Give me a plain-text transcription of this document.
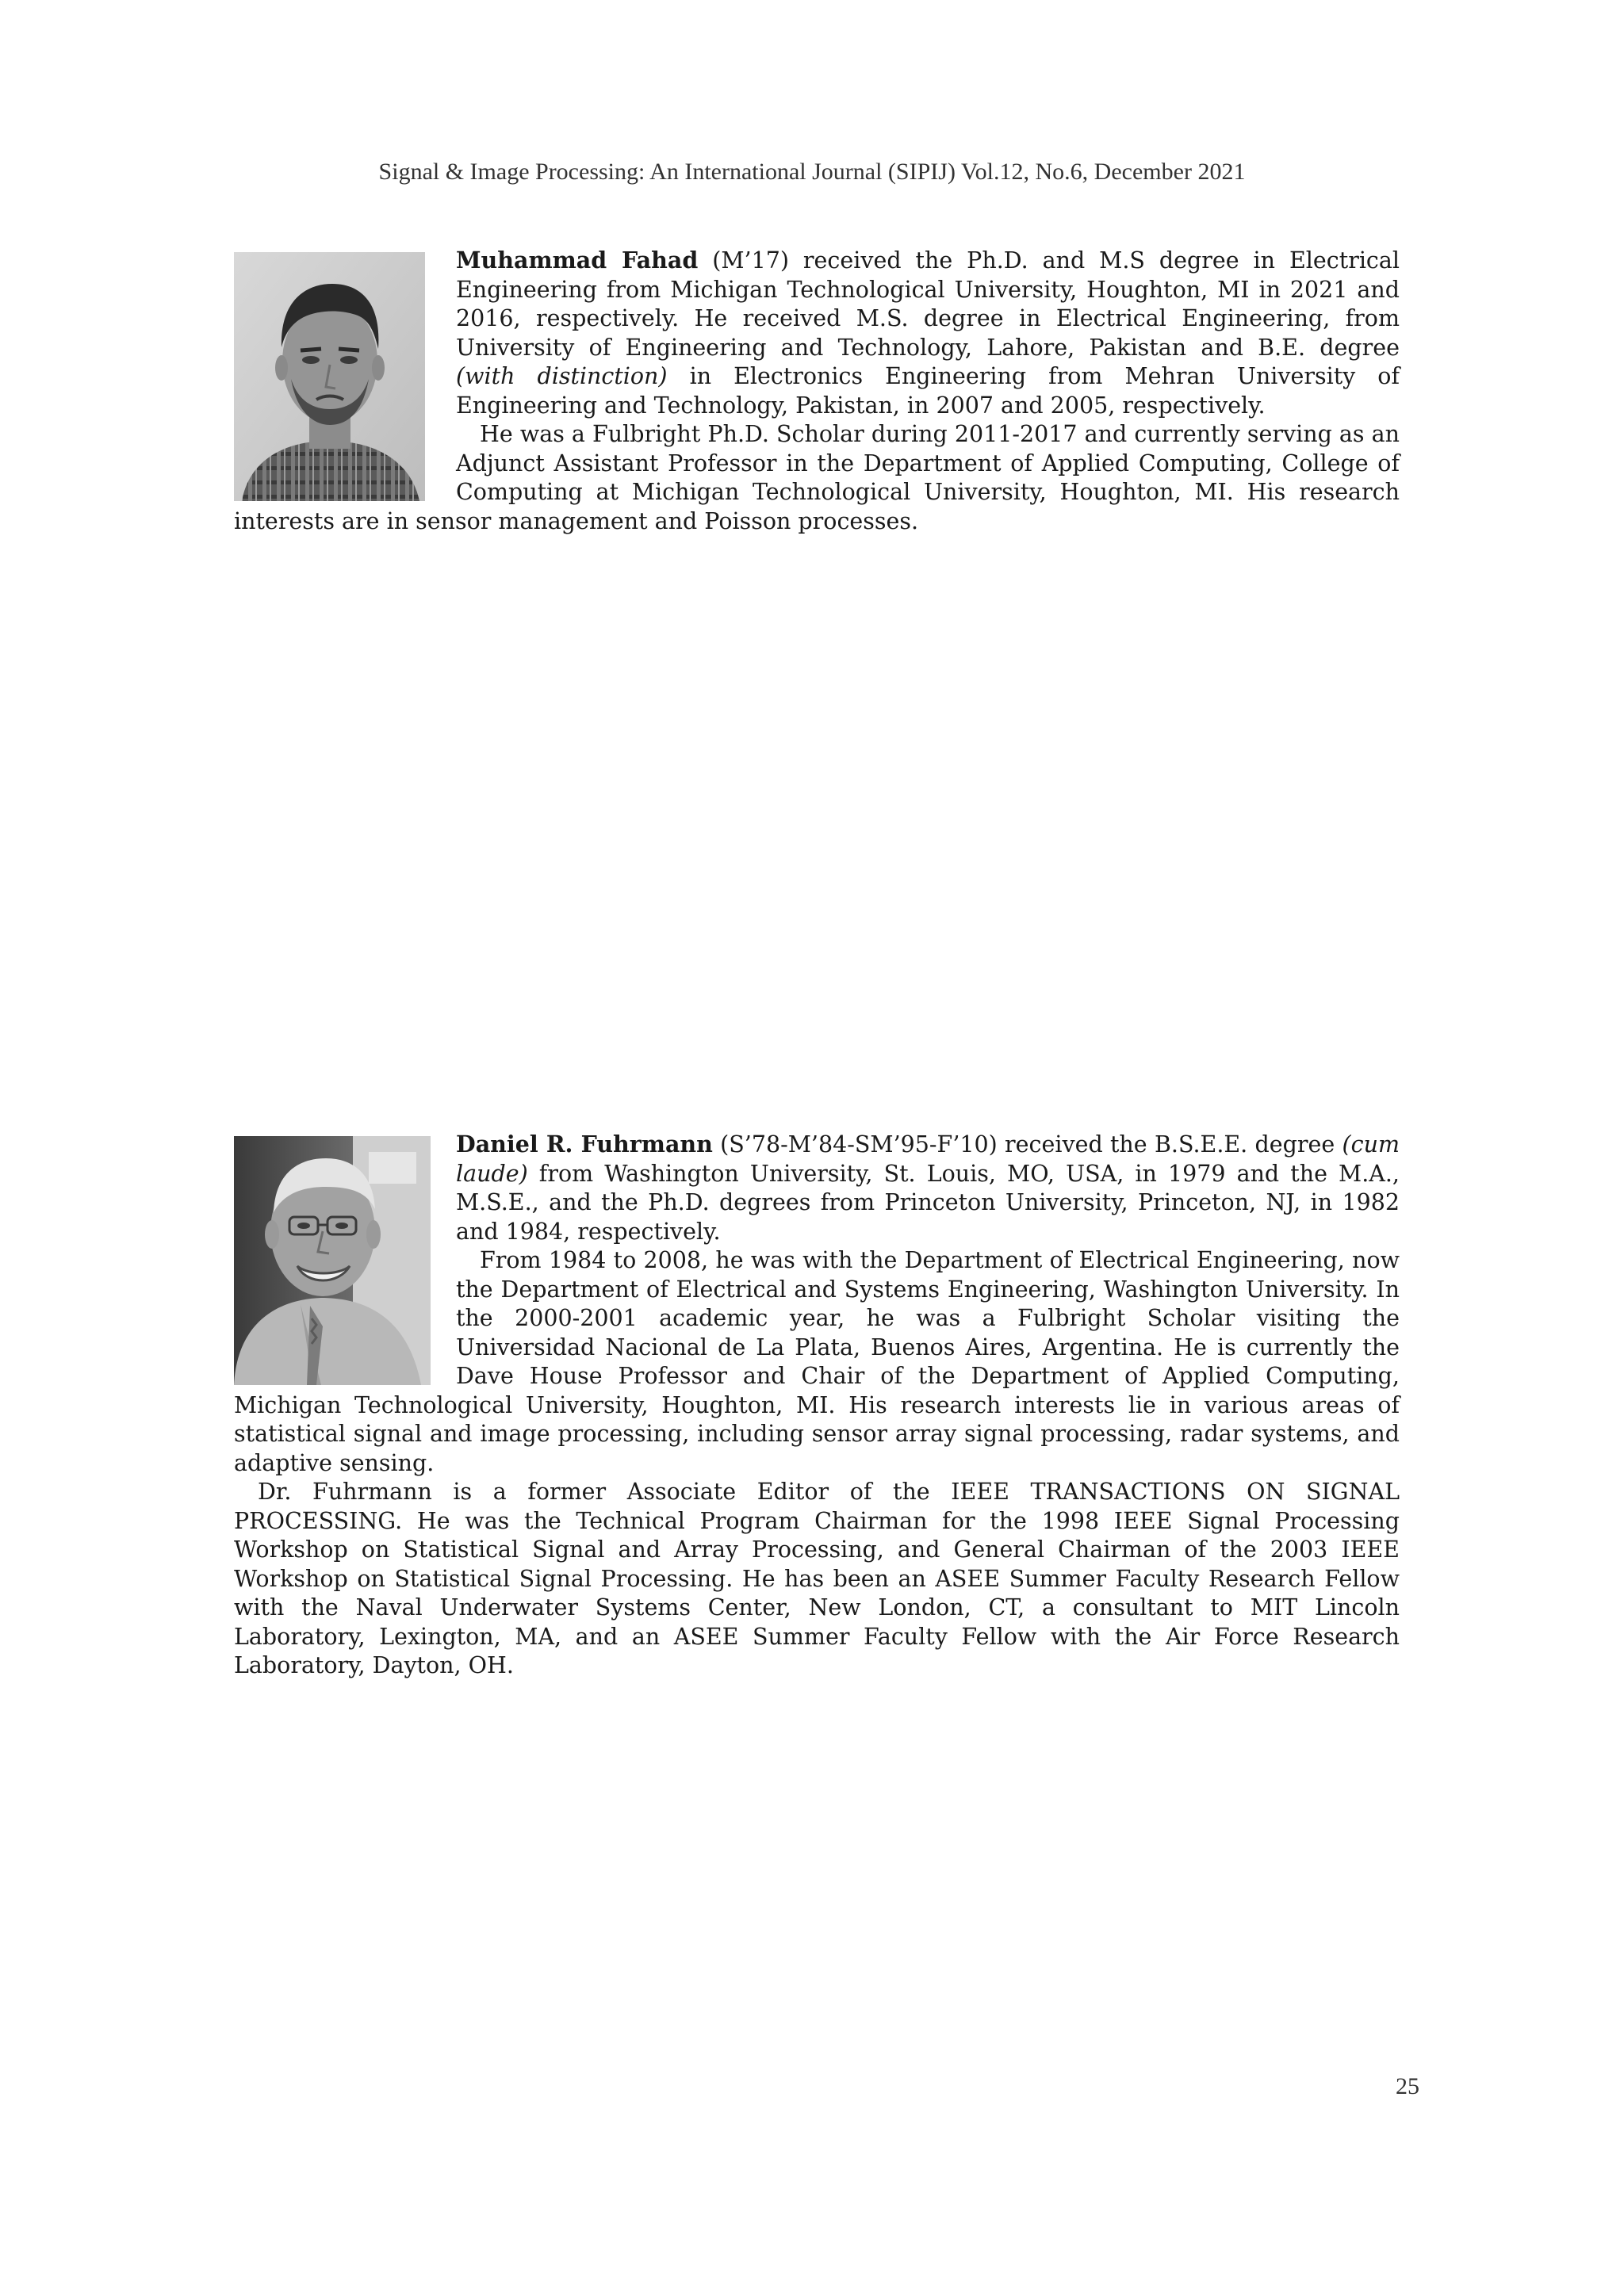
Signal & Image Processing: An International Journal (SIPIJ) Vol.12, No.6, December 2021

Muhammad Fahad (M’17) received the Ph.D. and M.S degree in Electrical Engineering from Michigan Technological University, Houghton, MI in 2021 and 2016, respectively. He received M.S. degree in Electrical Engineering, from University of Engineering and Technology, Lahore, Pakistan and B.E. degree (with distinction) in Electronics Engineering from Mehran University of Engineering and Technology, Pakistan, in 2007 and 2005, respectively.

He was a Fulbright Ph.D. Scholar during 2011-2017 and currently serving as an Adjunct Assistant Professor in the Department of Applied Computing, College of Computing at Michigan Technological University, Houghton, MI. His research interests are in sensor management and Poisson processes.

Daniel R. Fuhrmann (S’78-M’84-SM’95-F’10) received the B.S.E.E. degree (cum laude) from Washington University, St. Louis, MO, USA, in 1979 and the M.A., M.S.E., and the Ph.D. degrees from Princeton University, Princeton, NJ, in 1982 and 1984, respectively.

From 1984 to 2008, he was with the Department of Electrical Engineering, now the Department of Electrical and Systems Engineering, Washington University. In the 2000-2001 academic year, he was a Fulbright Scholar visiting the Universidad Nacional de La Plata, Buenos Aires, Argentina. He is currently the Dave House Professor and Chair of the Department of Applied Computing, Michigan Technological University, Houghton, MI. His research interests lie in various areas of statistical signal and image processing, including sensor array signal processing, radar systems, and adaptive sensing.

Dr. Fuhrmann is a former Associate Editor of the IEEE TRANSACTIONS ON SIGNAL PROCESSING. He was the Technical Program Chairman for the 1998 IEEE Signal Processing Workshop on Statistical Signal and Array Processing, and General Chairman of the 2003 IEEE Workshop on Statistical Signal Processing. He has been an ASEE Summer Faculty Research Fellow with the Naval Underwater Systems Center, New London, CT, a consultant to MIT Lincoln Laboratory, Lexington, MA, and an ASEE Summer Faculty Fellow with the Air Force Research Laboratory, Dayton, OH.

25
